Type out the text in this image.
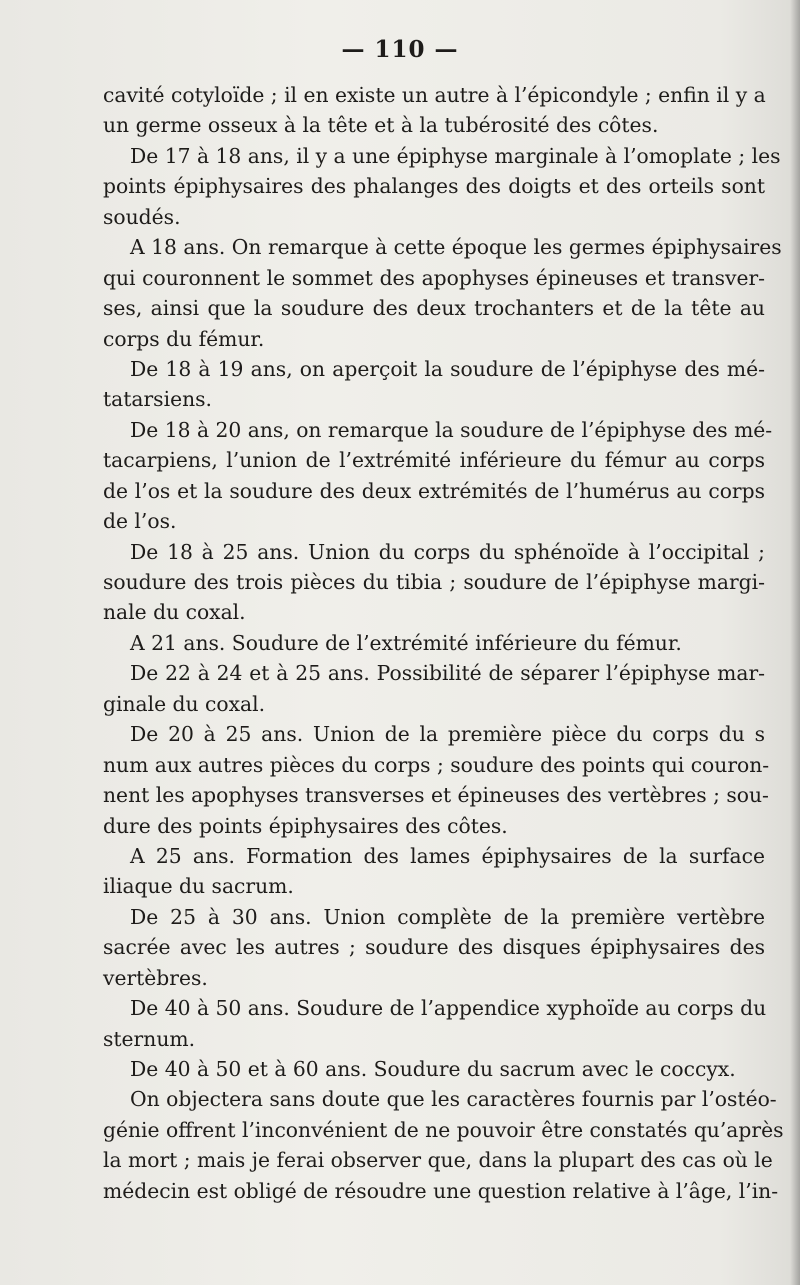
— 110 —
cavité cotyloïde ; il en existe un autre à l’épicondyle ; enfin il y a
un germe osseux à la tête et à la tubérosité des côtes.
De 17 à 18 ans, il y a une épiphyse marginale à l’omoplate ; les
points épiphysaires des phalanges des doigts et des orteils sont
soudés.
A 18 ans. On remarque à cette époque les germes épiphysaires
qui couronnent le sommet des apophyses épineuses et transver-
ses, ainsi que la soudure des deux trochanters et de la tête au
corps du fémur.
De 18 à 19 ans, on aperçoit la soudure de l’épiphyse des mé-
tatarsiens.
De 18 à 20 ans, on remarque la soudure de l’épiphyse des mé-
tacarpiens, l’union de l’extrémité inférieure du fémur au corps
de l’os et la soudure des deux extrémités de l’humérus au corps
de l’os.
De 18 à 25 ans. Union du corps du sphénoïde à l’occipital ;
soudure des trois pièces du tibia ; soudure de l’épiphyse margi-
nale du coxal.
A 21 ans. Soudure de l’extrémité inférieure du fémur.
De 22 à 24 et à 25 ans. Possibilité de séparer l’épiphyse mar-
ginale du coxal.
De 20 à 25 ans. Union de la première pièce du corps du s
num aux autres pièces du corps ; soudure des points qui couron-
nent les apophyses transverses et épineuses des vertèbres ; sou-
dure des points épiphysaires des côtes.
A 25 ans. Formation des lames épiphysaires de la surface
iliaque du sacrum.
De 25 à 30 ans. Union complète de la première vertèbre
sacrée avec les autres ; soudure des disques épiphysaires des
vertèbres.
De 40 à 50 ans. Soudure de l’appendice xyphoïde au corps du
sternum.
De 40 à 50 et à 60 ans. Soudure du sacrum avec le coccyx.
On objectera sans doute que les caractères fournis par l’ostéo-
génie offrent l’inconvénient de ne pouvoir être constatés qu’après
la mort ; mais je ferai observer que, dans la plupart des cas où le
médecin est obligé de résoudre une question relative à l’âge, l’in-
